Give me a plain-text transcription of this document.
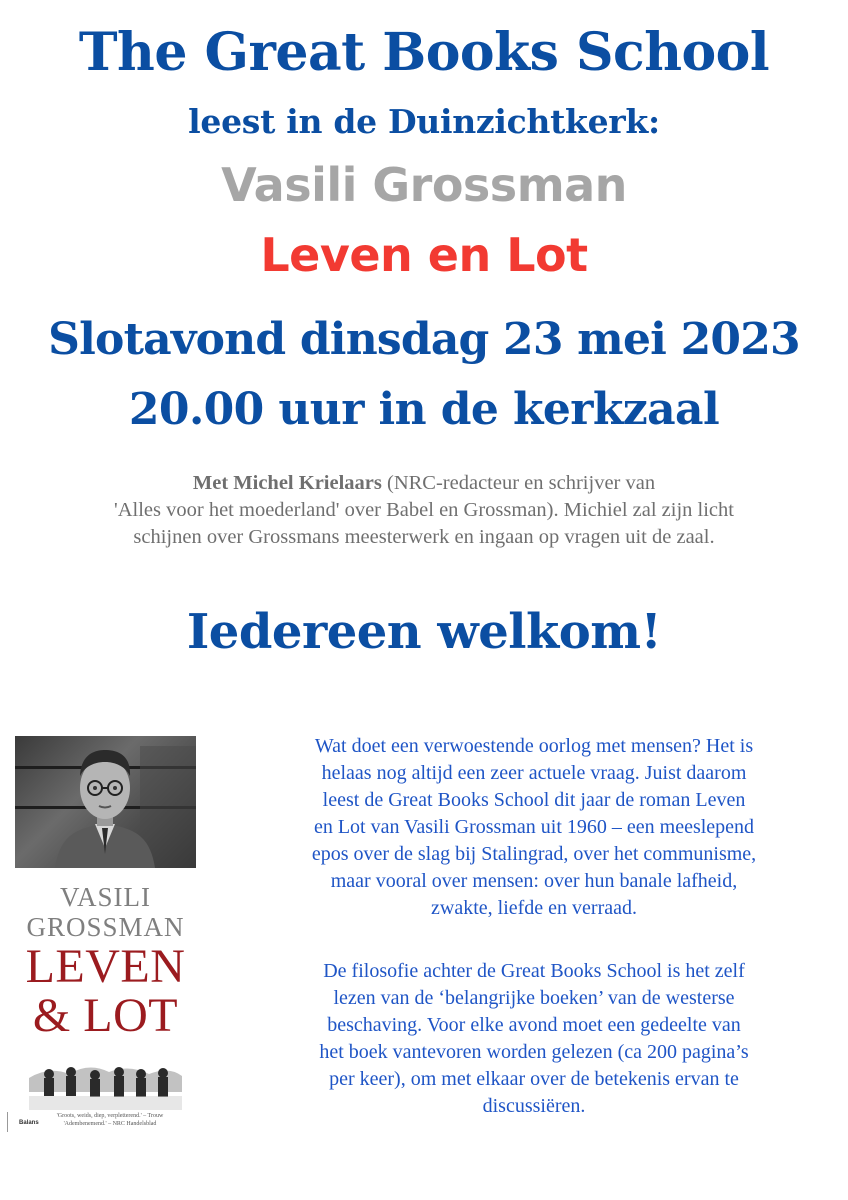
The Great Books School
leest in de Duinzichtkerk:
Vasili Grossman
Leven en Lot
Slotavond dinsdag 23 mei 2023
20.00 uur in de kerkzaal
Met Michel Krielaars (NRC-redacteur en schrijver van
'Alles voor het moederland' over Babel en Grossman). Michiel zal zijn licht
schijnen over Grossmans meesterwerk en ingaan op vragen uit de zaal.
Iedereen welkom!
VASILI
GROSSMAN
LEVEN
& LOT
'Groots, weids, diep, verpletterend.' – Trouw
'Adembenemend.' – NRC Handelsblad
Balans
Wat doet een verwoestende oorlog met mensen? Het is
helaas nog altijd een zeer actuele vraag. Juist daarom
leest de Great Books School dit jaar de roman Leven
en Lot van Vasili Grossman uit 1960 – een meeslepend
epos over de slag bij Stalingrad, over het communisme,
maar vooral over mensen: over hun banale lafheid,
zwakte, liefde en verraad.
De filosofie achter de Great Books School is het zelf
lezen van de ‘belangrijke boeken’ van de westerse
beschaving. Voor elke avond moet een gedeelte van
het boek vantevoren worden gelezen (ca 200 pagina’s
per keer), om met elkaar over de betekenis ervan te
discussiëren.
